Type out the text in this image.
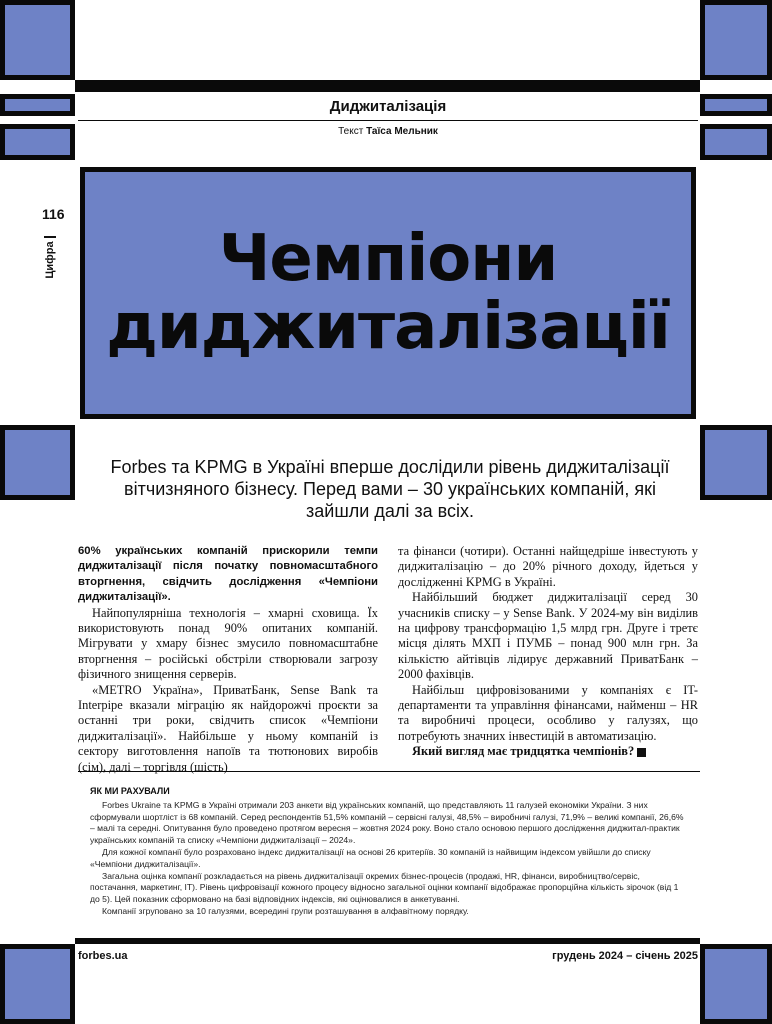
Диджиталізація
Текст Таїса Мельник
116
Цифра	Чемпіони
диджиталізації
Forbes та KPMG в Україні вперше дослідили рівень диджиталізації вітчизняного бізнесу. Перед вами – 30 українських компаній, які зайшли далі за всіх.

60% українських компаній прискорили темпи диджиталізації після початку повномасштабного вторгнення, свідчить дослідження «Чемпіони диджиталізації».

Найпопулярніша технологія – хмарні сховища. Їх використовують понад 90% опитаних компаній. Мігрувати у хмару бізнес змусило повномасштабне вторгнення – російські обстріли створювали загрозу фізичного знищення серверів.

«METRO Україна», ПриватБанк, Sense Bank та Interpipe вказали міграцію як найдорожчі проєкти за останні три роки, свідчить список «Чемпіони диджиталізації». Найбільше у ньому компаній із сектору виготовлення напоїв та тютюнових виробів (сім), далі – торгівля (шість)

та фінанси (чотири). Останні найщедріше інвестують у диджиталізацію – до 20% річного доходу, йдеться у дослідженні KPMG в Україні.

Найбільший бюджет диджиталізації серед 30 учасників списку – у Sense Bank. У 2024-му він виділив на цифрову трансформацію 1,5 млрд грн. Друге і третє місця ділять МХП і ПУМБ – понад 900 млн грн. За кількістю айтівців лідирує державний ПриватБанк – 2000 фахівців.

Найбільш цифровізованими у компаніях є IT-департаменти та управління фінансами, найменш – HR та виробничі процеси, особливо у галузях, що потребують значних інвестицій в автоматизацію.

Який вигляд має тридцятка чемпіонів? F

ЯК МИ РАХУВАЛИ

Forbes Ukraine та KPMG в Україні отримали 203 анкети від українських компаній, що представляють 11 галузей економіки України. З них сформували шортліст із 68 компаній. Серед респондентів 51,5% компаній – сервісні галузі, 48,5% – виробничі галузі, 71,9% – великі компанії, 26,6% – малі та середні. Опитування було проведено протягом вересня – жовтня 2024 року. Воно стало основою першого дослідження диджитал-практик українських компаній та списку «Чемпіони диджиталізації – 2024».

Для кожної компанії було розраховано індекс диджиталізації на основі 26 критеріїв. 30 компаній із найвищим індексом увійшли до списку «Чемпіони диджиталізації».

Загальна оцінка компанії розкладається на рівень диджиталізації окремих бізнес-процесів (продажі, HR, фінанси, виробництво/сервіс, постачання, маркетинг, IT). Рівень цифровізації кожного процесу відносно загальної оцінки компанії відображає пропорційна кількість зірочок (від 1 до 5). Цей показник сформовано на базі відповідних індексів, які оцінювалися в анкетуванні.

Компанії згруповано за 10 галузями, всередині групи розташування в алфавітному порядку.

forbes.ua	грудень 2024 – січень 2025
